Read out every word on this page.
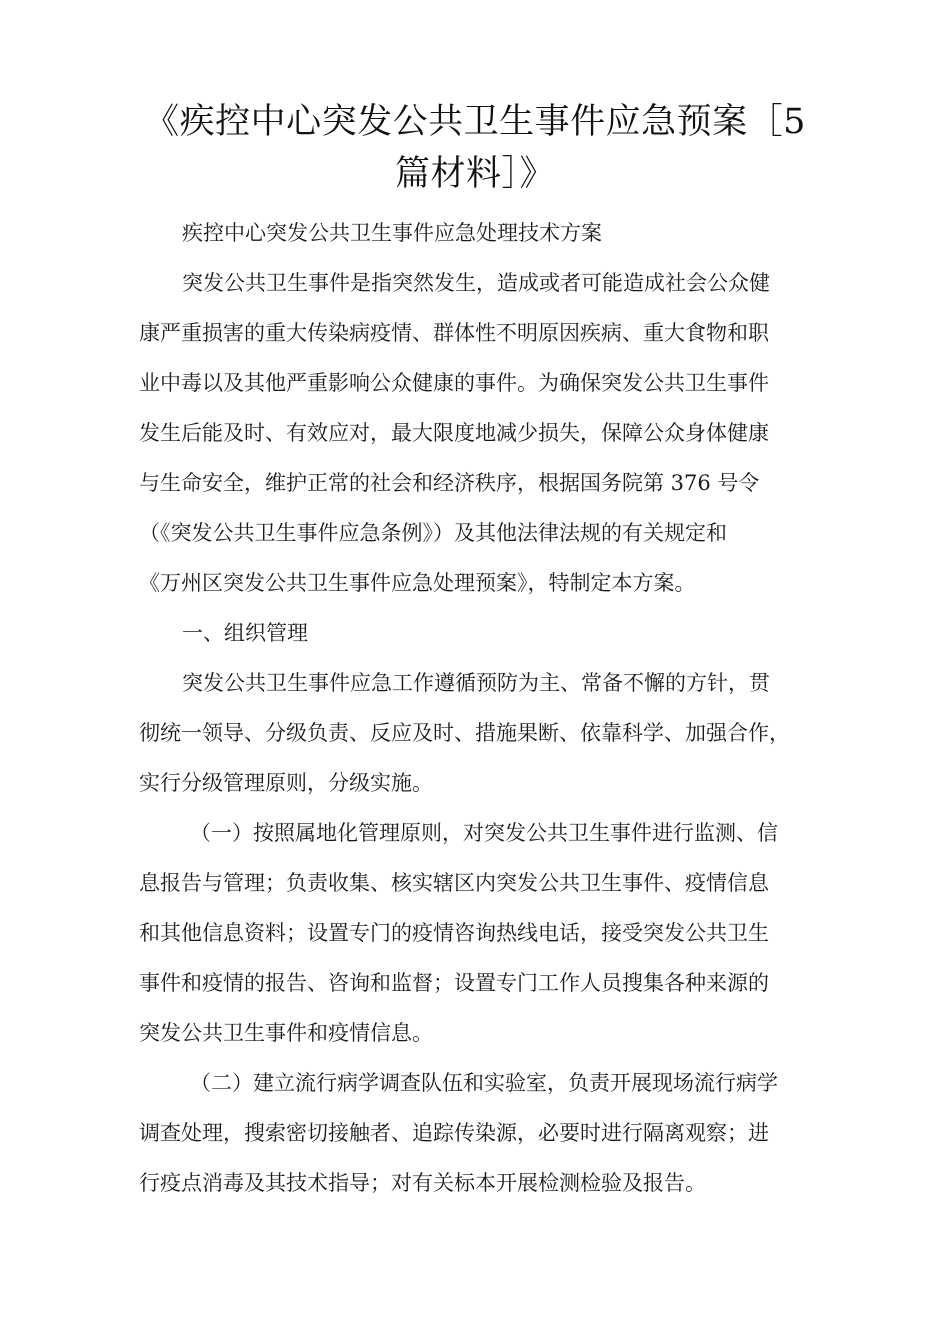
《疾控中心突发公共卫生事件应急预案［5
篇材料］》

疾控中心突发公共卫生事件应急处理技术方案

突发公共卫生事件是指突然发生，造成或者可能造成社会公众健
康严重损害的重大传染病疫情、群体性不明原因疾病、重大食物和职
业中毒以及其他严重影响公众健康的事件。为确保突发公共卫生事件
发生后能及时、有效应对，最大限度地减少损失，保障公众身体健康
与生命安全，维护正常的社会和经济秩序，根据国务院第 376 号令
（《突发公共卫生事件应急条例》）及其他法律法规的有关规定和
《万州区突发公共卫生事件应急处理预案》，特制定本方案。

一、组织管理

突发公共卫生事件应急工作遵循预防为主、常备不懈的方针，贯
彻统一领导、分级负责、反应及时、措施果断、依靠科学、加强合作，
实行分级管理原则，分级实施。

（一）按照属地化管理原则，对突发公共卫生事件进行监测、信
息报告与管理；负责收集、核实辖区内突发公共卫生事件、疫情信息
和其他信息资料；设置专门的疫情咨询热线电话，接受突发公共卫生
事件和疫情的报告、咨询和监督；设置专门工作人员搜集各种来源的
突发公共卫生事件和疫情信息。

（二）建立流行病学调查队伍和实验室，负责开展现场流行病学
调查处理，搜索密切接触者、追踪传染源，必要时进行隔离观察；进
行疫点消毒及其技术指导；对有关标本开展检测检验及报告。
